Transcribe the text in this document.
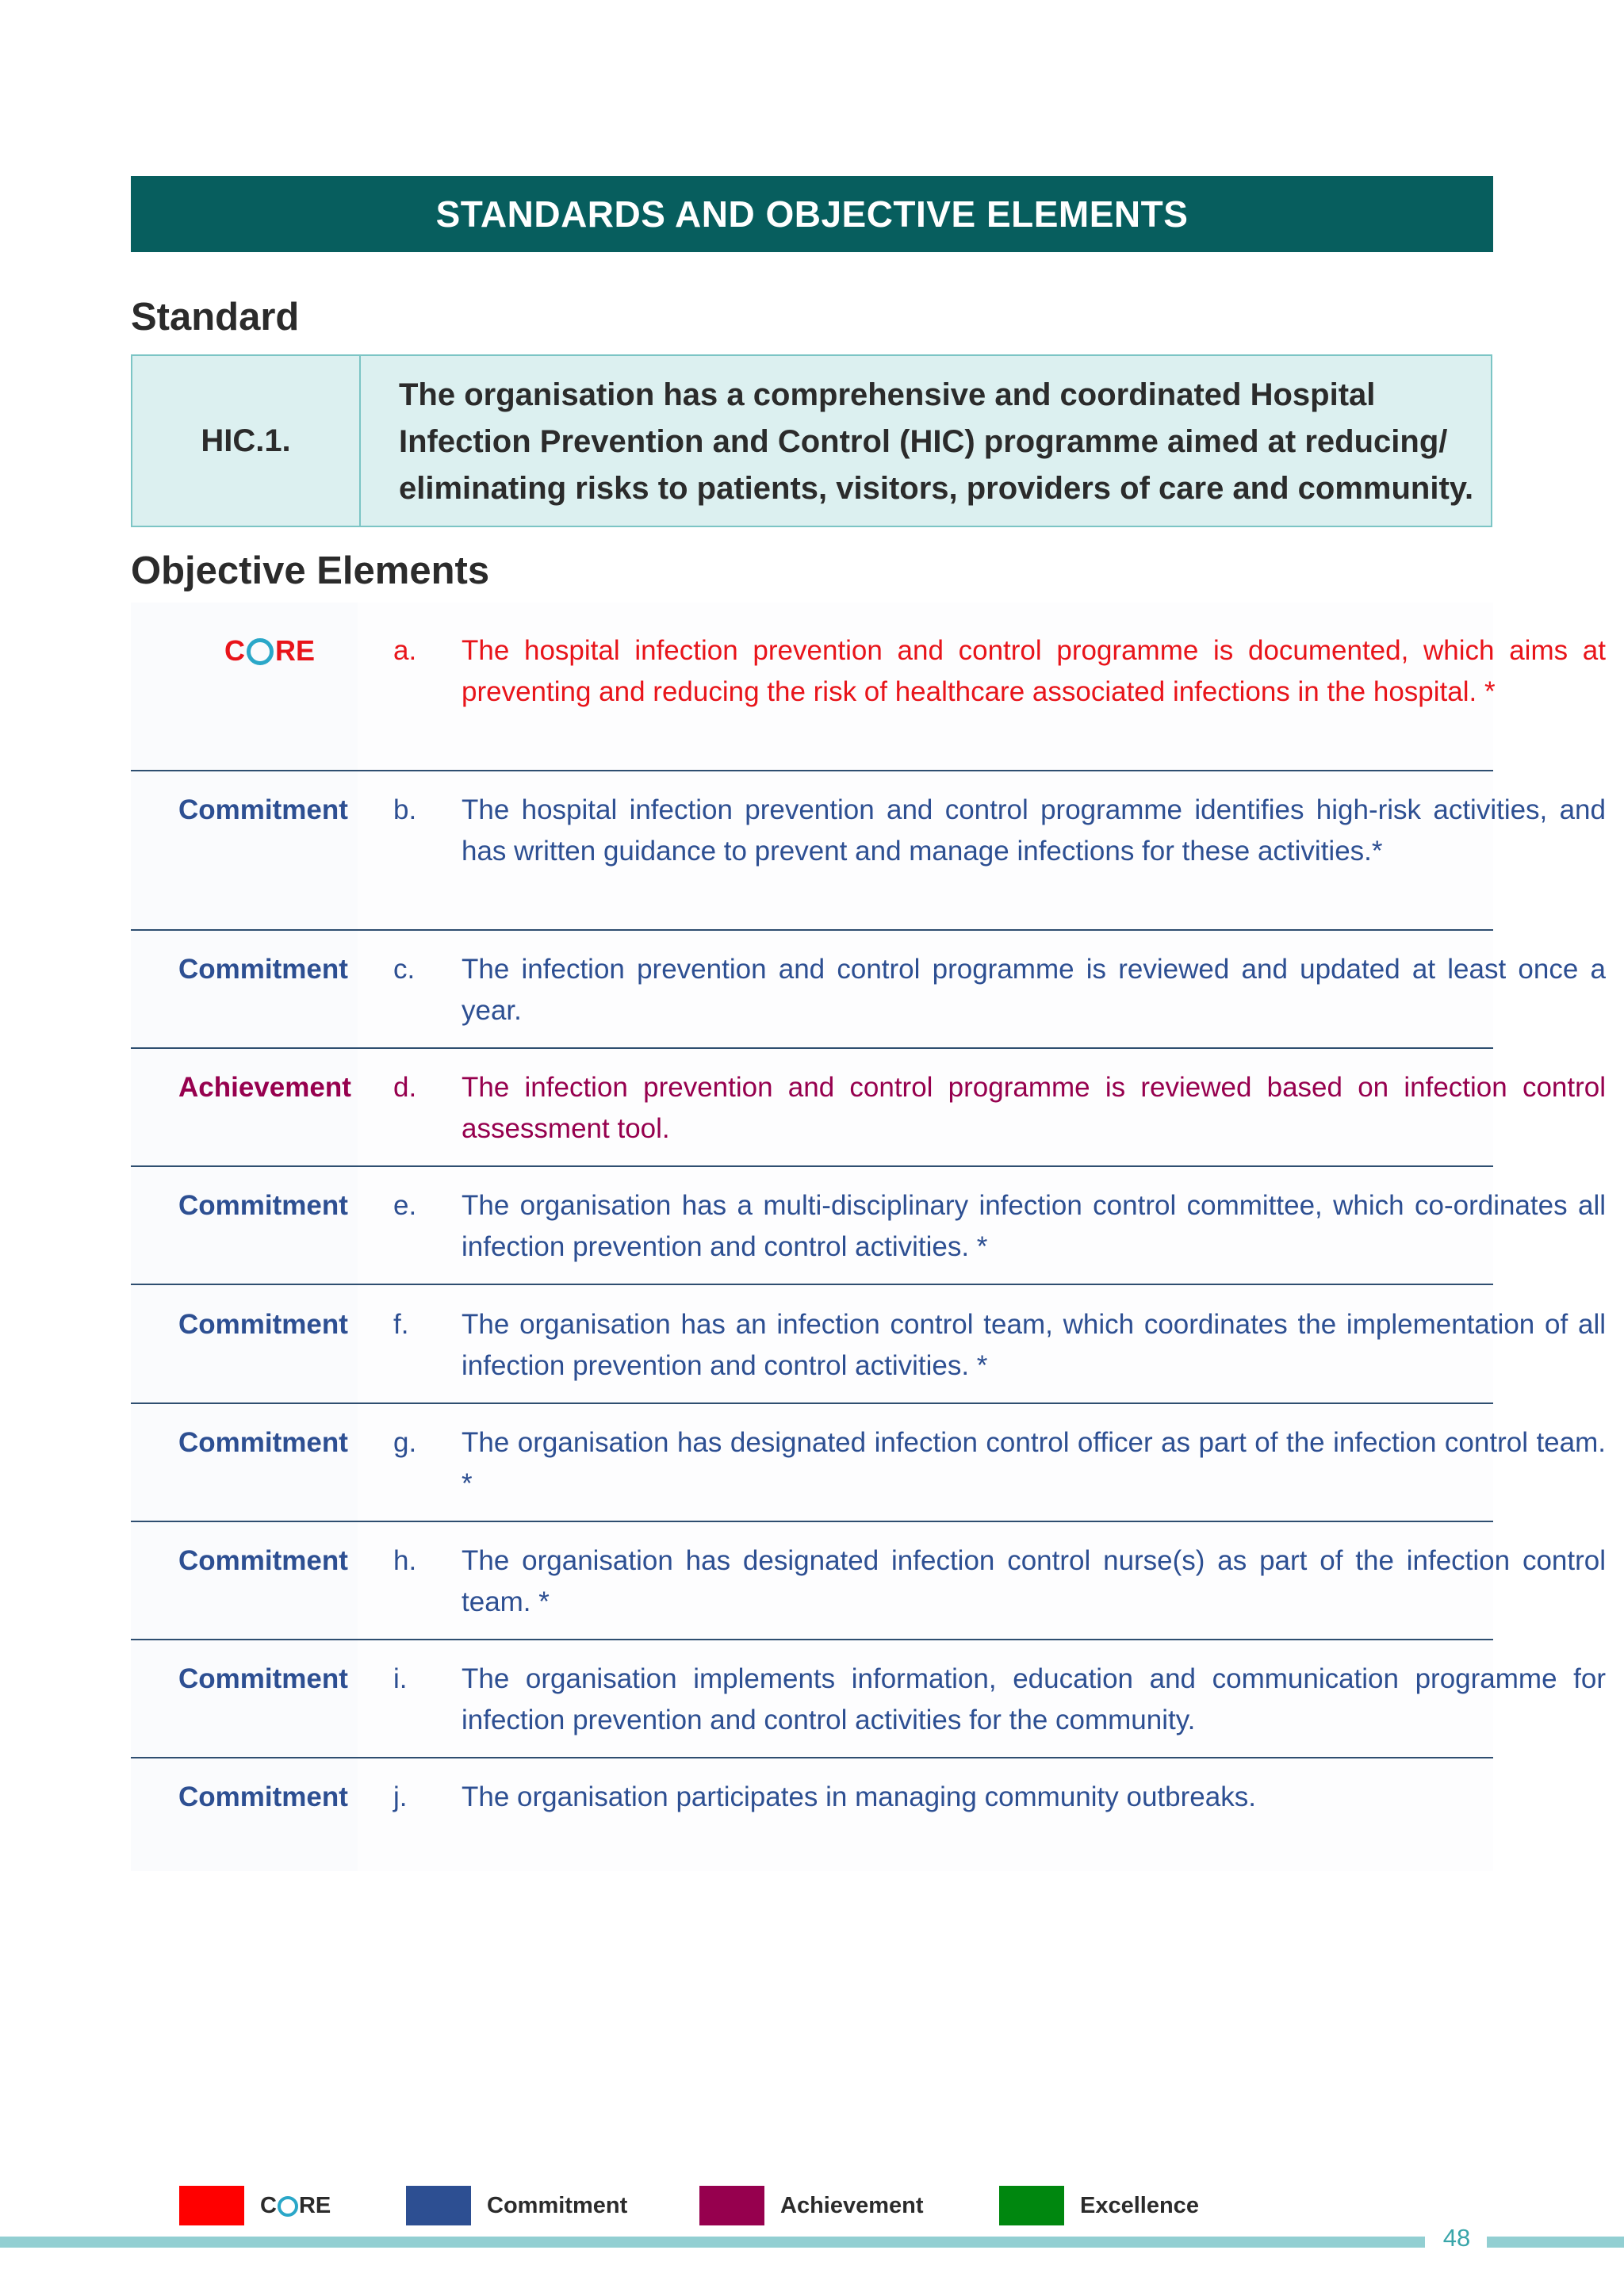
STANDARDS AND OBJECTIVE ELEMENTS
Standard
HIC.1.
The organisation has a comprehensive and coordinated Hospital Infection Prevention and Control (HIC) programme aimed at reducing/ eliminating risks to patients, visitors, providers of care and community.
Objective Elements
C RE	a. The hospital infection prevention and control programme is documented, which aims at preventing and reducing the risk of healthcare associated infections in the hospital. *
Commitment	b. The hospital infection prevention and control programme identifies high-risk activities, and has written guidance to prevent and manage infections for these activities.*
Commitment	c. The infection prevention and control programme is reviewed and updated at least once a year.
Achievement	d. The infection prevention and control programme is reviewed based on infection control assessment tool.
Commitment	e. The organisation has a multi-disciplinary infection control committee, which co-ordinates all infection prevention and control activities. *
Commitment	f. The organisation has an infection control team, which coordinates the implementation of all infection prevention and control activities. *
Commitment	g. The organisation has designated infection control officer as part of the infection control team. *
Commitment	h. The organisation has designated infection control nurse(s) as part of the infection control team. *
Commitment	i. The organisation implements information, education and communication programme for infection prevention and control activities for the community.
Commitment	j. The organisation participates in managing community outbreaks.
C RE	Commitment	Achievement	Excellence
48
